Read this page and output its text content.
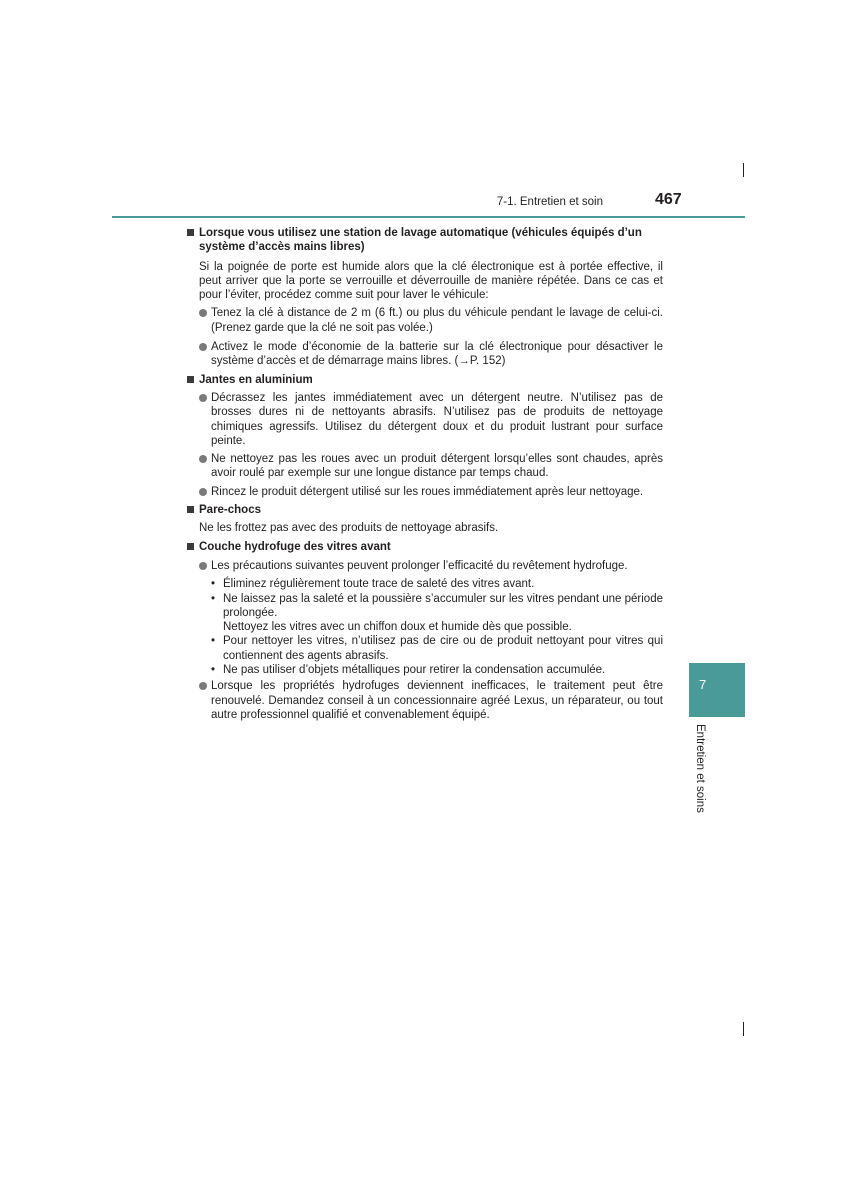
7-1. Entretien et soin	467
7
Entretien et soins

Lorsque vous utilisez une station de lavage automatique (véhicules équipés d’un système d’accès mains libres)

Si la poignée de porte est humide alors que la clé électronique est à portée effective, il peut arriver que la porte se verrouille et déverrouille de manière répétée. Dans ce cas et pour l’éviter, procédez comme suit pour laver le véhicule:

Tenez la clé à distance de 2 m (6 ft.) ou plus du véhicule pendant le lavage de celui-ci. (Prenez garde que la clé ne soit pas volée.)

Activez le mode d’économie de la batterie sur la clé électronique pour désactiver le système d’accès et de démarrage mains libres. (→P. 152)

Jantes en aluminium

Décrassez les jantes immédiatement avec un détergent neutre. N’utilisez pas de brosses dures ni de nettoyants abrasifs. N’utilisez pas de produits de nettoyage chimiques agressifs. Utilisez du détergent doux et du produit lustrant pour surface peinte.

Ne nettoyez pas les roues avec un produit détergent lorsqu’elles sont chaudes, après avoir roulé par exemple sur une longue distance par temps chaud.

Rincez le produit détergent utilisé sur les roues immédiatement après leur nettoyage.

Pare-chocs

Ne les frottez pas avec des produits de nettoyage abrasifs.

Couche hydrofuge des vitres avant

Les précautions suivantes peuvent prolonger l’efficacité du revêtement hydrofuge.

• Éliminez régulièrement toute trace de saleté des vitres avant.

• Ne laissez pas la saleté et la poussière s’accumuler sur les vitres pendant une période prolongée.

Nettoyez les vitres avec un chiffon doux et humide dès que possible.

• Pour nettoyer les vitres, n’utilisez pas de cire ou de produit nettoyant pour vitres qui contiennent des agents abrasifs.

• Ne pas utiliser d’objets métalliques pour retirer la condensation accumulée.

Lorsque les propriétés hydrofuges deviennent inefficaces, le traitement peut être renouvelé. Demandez conseil à un concessionnaire agréé Lexus, un réparateur, ou tout autre professionnel qualifié et convenablement équipé.
